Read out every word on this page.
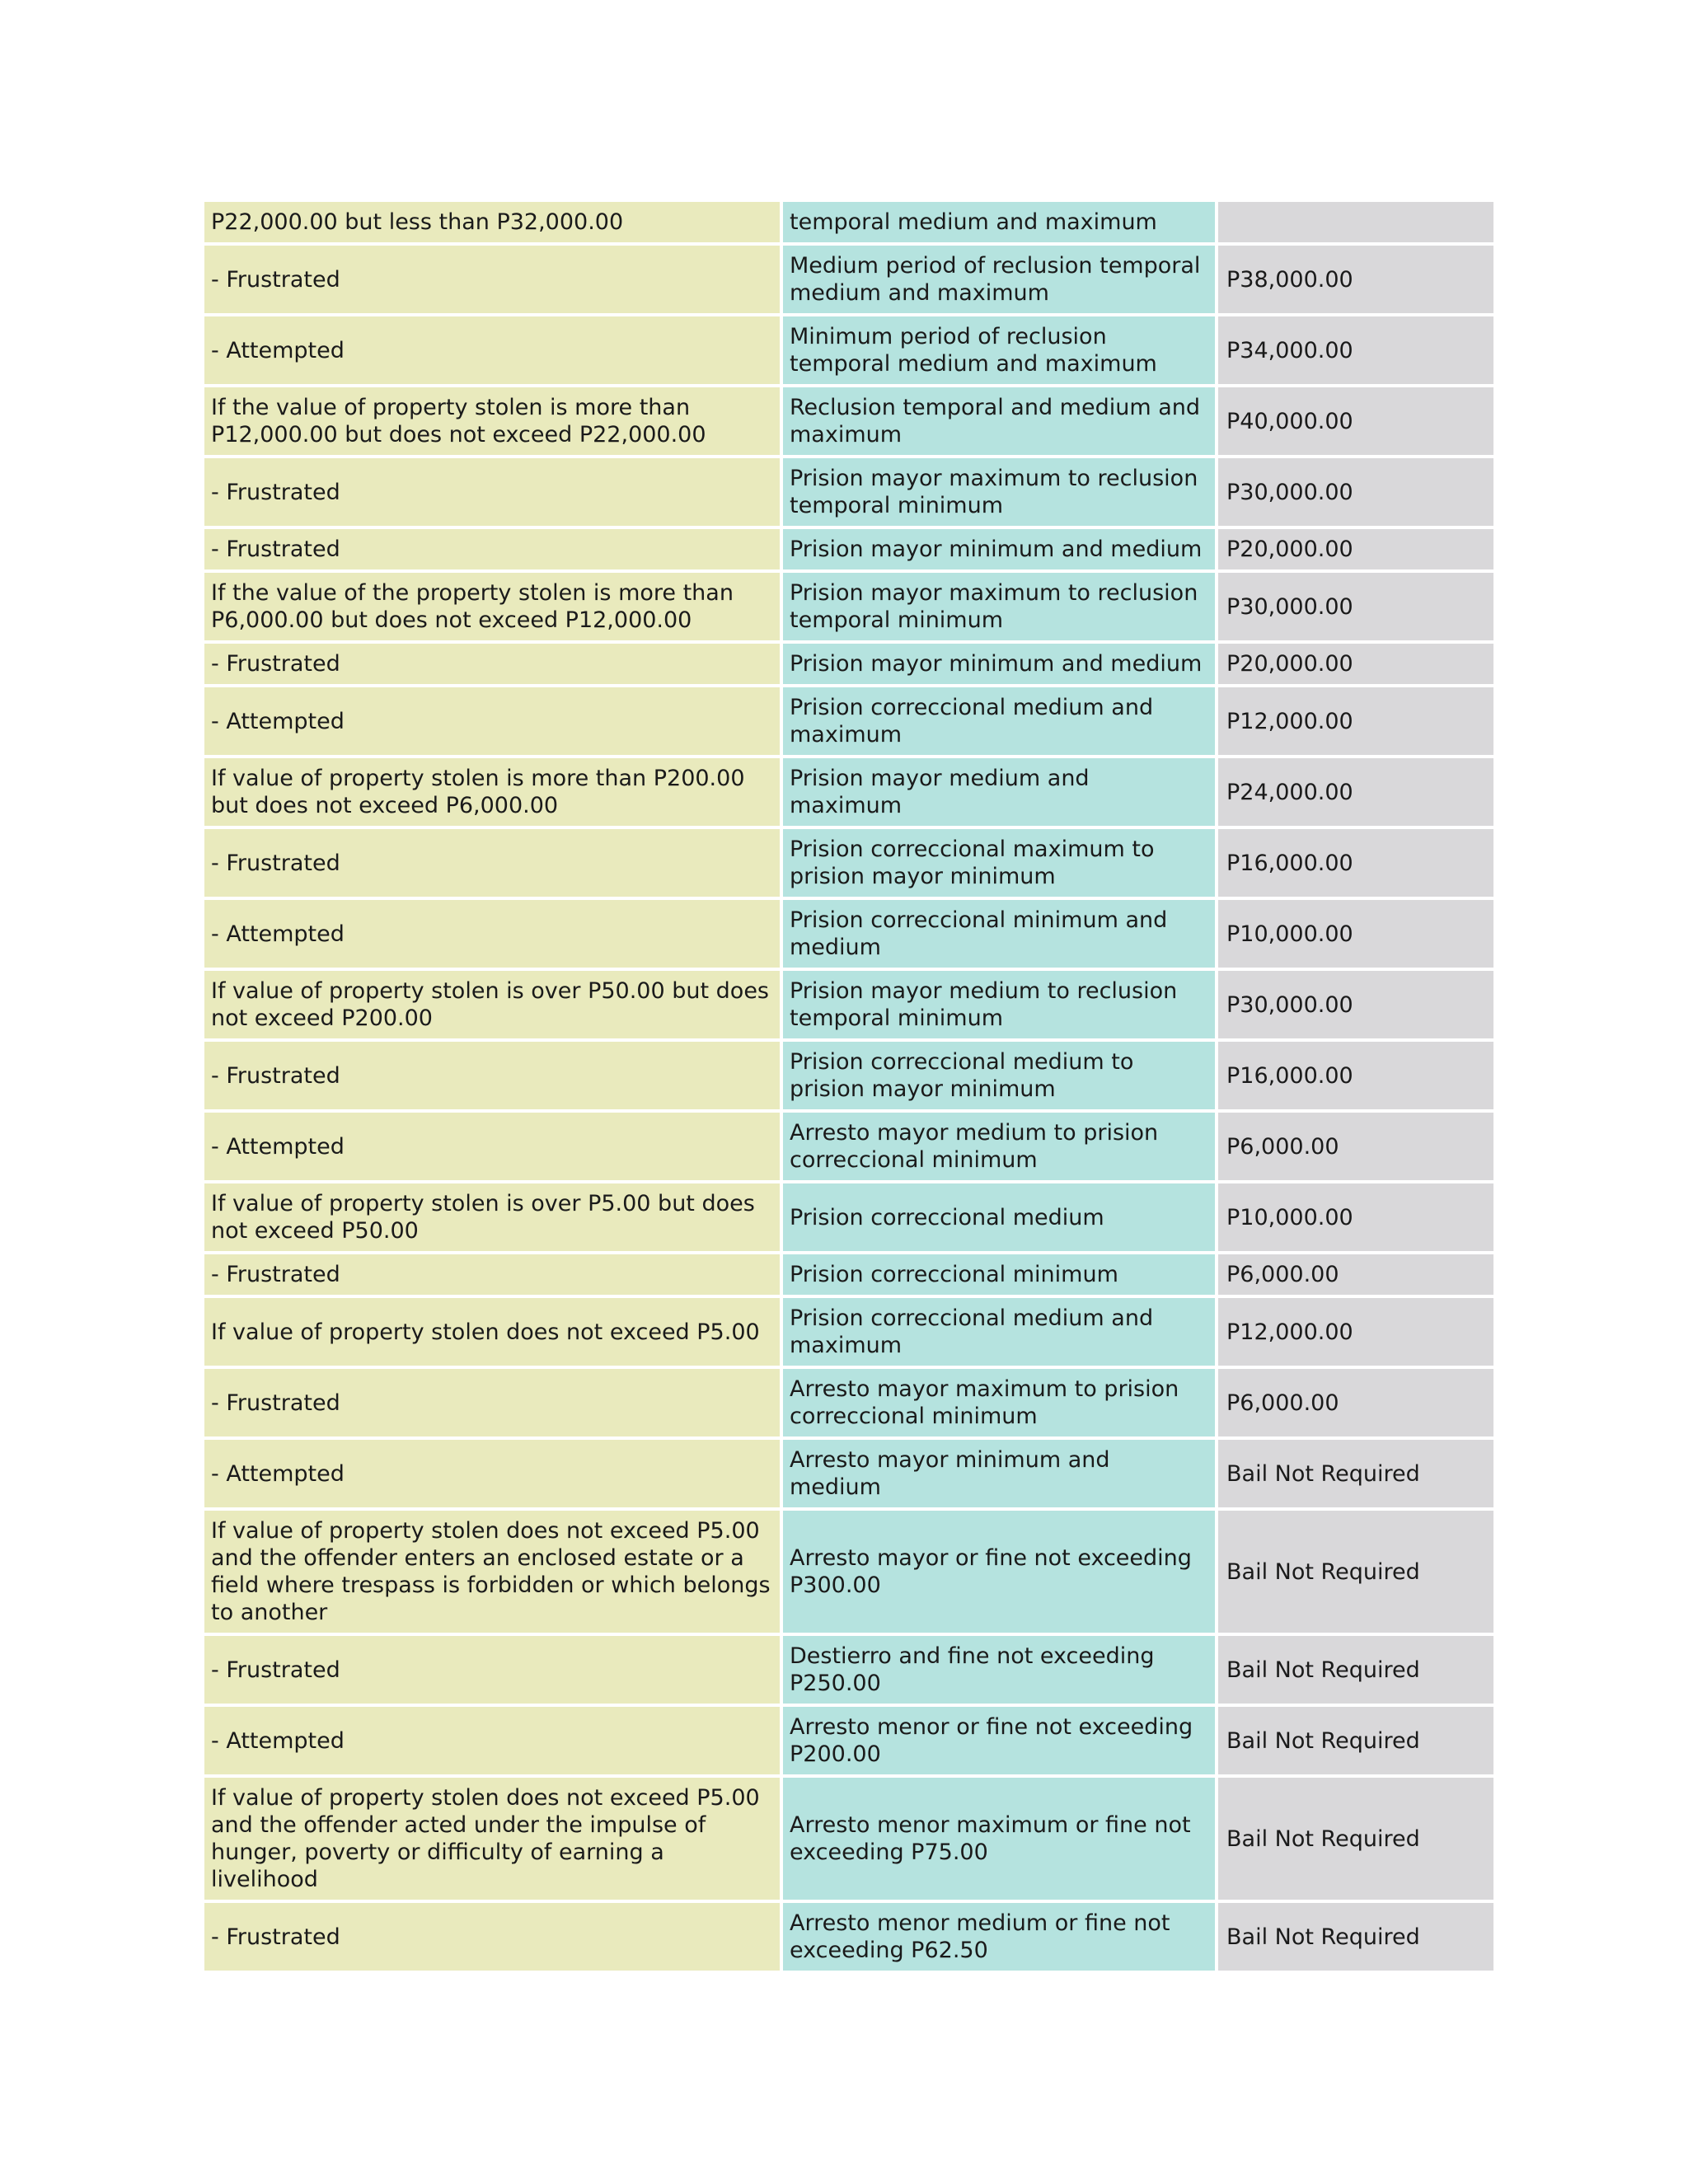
P22,000.00 but less than P32,000.00	temporal medium and maximum	
- Frustrated	Medium period of reclusion temporal medium and maximum	P38,000.00
- Attempted	Minimum period of reclusion temporal medium and maximum	P34,000.00
If the value of property stolen is more than P12,000.00 but does not exceed P22,000.00	Reclusion temporal and medium and maximum	P40,000.00
- Frustrated	Prision mayor maximum to reclusion temporal minimum	P30,000.00
- Frustrated	Prision mayor minimum and medium	P20,000.00
If the value of the property stolen is more than P6,000.00 but does not exceed P12,000.00	Prision mayor maximum to reclusion temporal minimum	P30,000.00
- Frustrated	Prision mayor minimum and medium	P20,000.00
- Attempted	Prision correccional medium and maximum	P12,000.00
If value of property stolen is more than P200.00 but does not exceed P6,000.00	Prision mayor medium and maximum	P24,000.00
- Frustrated	Prision correccional maximum to prision mayor minimum	P16,000.00
- Attempted	Prision correccional minimum and medium	P10,000.00
If value of property stolen is over P50.00 but does not exceed P200.00	Prision mayor medium to reclusion temporal minimum	P30,000.00
- Frustrated	Prision correccional medium to prision mayor minimum	P16,000.00
- Attempted	Arresto mayor medium to prision correccional minimum	P6,000.00
If value of property stolen is over P5.00 but does not exceed P50.00	Prision correccional medium	P10,000.00
- Frustrated	Prision correccional minimum	P6,000.00
If value of property stolen does not exceed P5.00	Prision correccional medium and maximum	P12,000.00
- Frustrated	Arresto mayor maximum to prision correccional minimum	P6,000.00
- Attempted	Arresto mayor minimum and medium	Bail Not Required
If value of property stolen does not exceed P5.00 and the offender enters an enclosed estate or a field where trespass is forbidden or which belongs to another	Arresto mayor or fine not exceeding P300.00	Bail Not Required
- Frustrated	Destierro and fine not exceeding P250.00	Bail Not Required
- Attempted	Arresto menor or fine not exceeding P200.00	Bail Not Required
If value of property stolen does not exceed P5.00 and the offender acted under the impulse of hunger, poverty or difficulty of earning a livelihood	Arresto menor maximum or fine not exceeding P75.00	Bail Not Required
- Frustrated	Arresto menor medium or fine not exceeding P62.50	Bail Not Required
